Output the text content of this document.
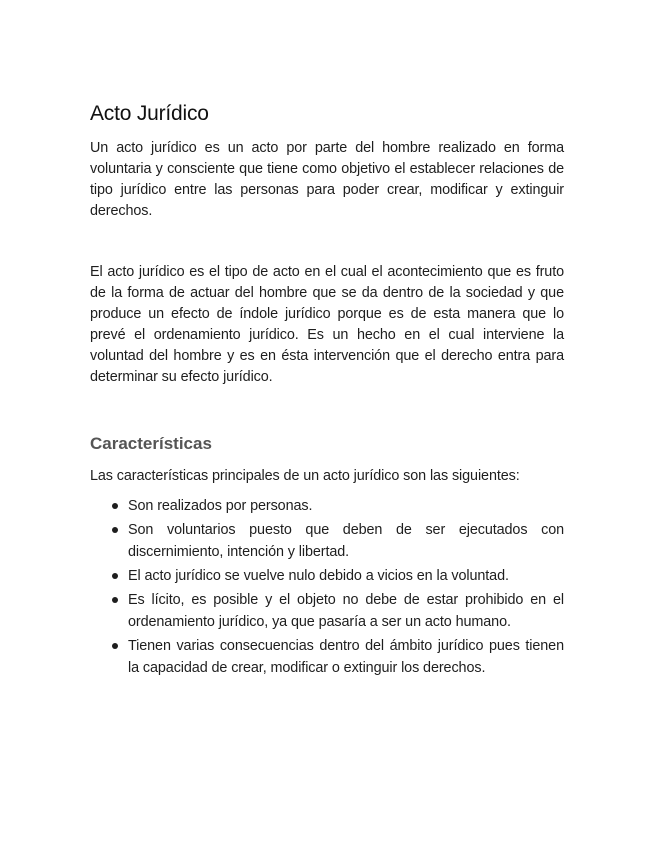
Acto Jurídico

Un acto jurídico es un acto por parte del hombre realizado en forma voluntaria y consciente que tiene como objetivo el establecer relaciones de tipo jurídico entre las personas para poder crear, modificar y extinguir derechos.

El acto jurídico es el tipo de acto en el cual el acontecimiento que es fruto de la forma de actuar del hombre que se da dentro de la sociedad y que produce un efecto de índole jurídico porque es de esta manera que lo prevé el ordenamiento jurídico. Es un hecho en el cual interviene la voluntad del hombre y es en ésta intervención que el derecho entra para determinar su efecto jurídico.

Características

Las características principales de un acto jurídico son las siguientes:

Son realizados por personas.
Son voluntarios puesto que deben de ser ejecutados con discernimiento, intención y libertad.
El acto jurídico se vuelve nulo debido a vicios en la voluntad.
Es lícito, es posible y el objeto no debe de estar prohibido en el ordenamiento jurídico, ya que pasaría a ser un acto humano.
Tienen varias consecuencias dentro del ámbito jurídico pues tienen la capacidad de crear, modificar o extinguir los derechos.
